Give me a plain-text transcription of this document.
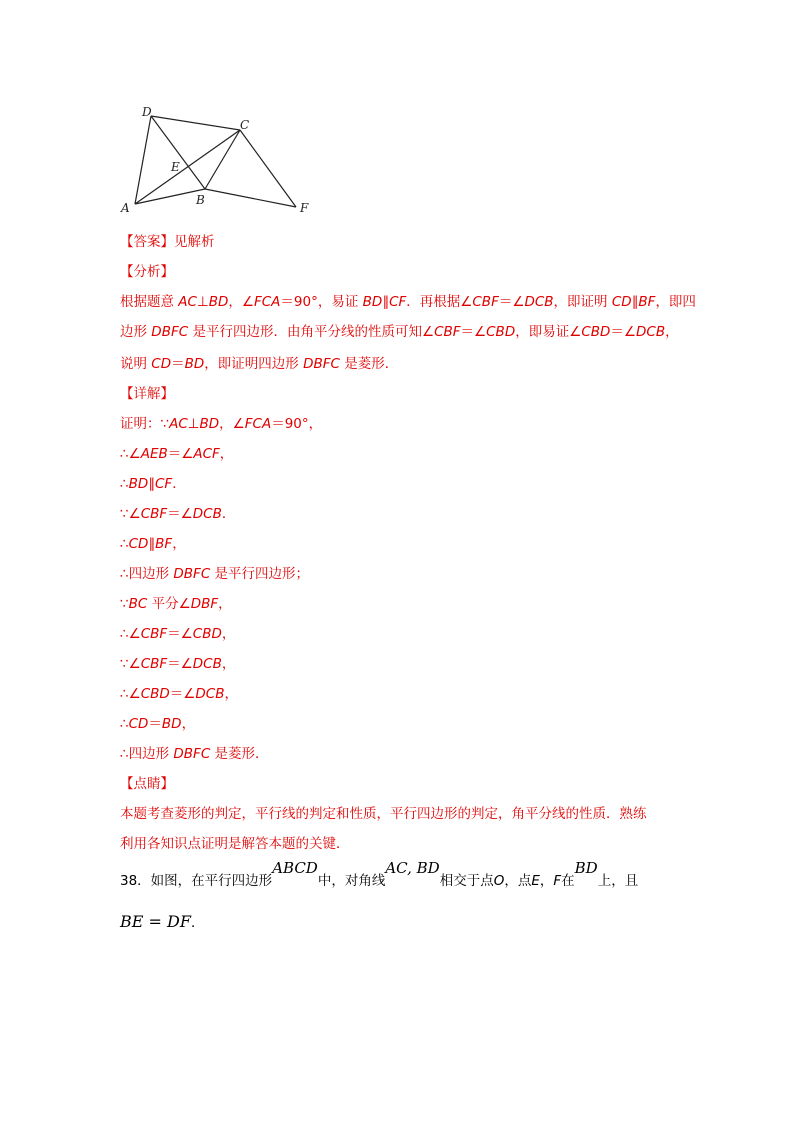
D
C
E
A
B
F
【答案】见解析
【分析】
根据题意 AC⊥BD，∠FCA＝90°，易证 BD∥CF．再根据∠CBF＝∠DCB，即证明 CD∥BF，即四
边形 DBFC 是平行四边形．由角平分线的性质可知∠CBF＝∠CBD，即易证∠CBD＝∠DCB，
说明 CD＝BD，即证明四边形 DBFC 是菱形．
【详解】
证明：∵AC⊥BD，∠FCA＝90°，
∴∠AEB＝∠ACF，
∴BD∥CF．
∵∠CBF＝∠DCB．
∴CD∥BF，
∴四边形 DBFC 是平行四边形；
∵BC 平分∠DBF，
∴∠CBF＝∠CBD，
∵∠CBF＝∠DCB，
∴∠CBD＝∠DCB，
∴CD＝BD，
∴四边形 DBFC 是菱形．
【点睛】
本题考查菱形的判定，平行线的判定和性质，平行四边形的判定，角平分线的性质．熟练
利用各知识点证明是解答本题的关键．
38．如图，在平行四边形ABCD中，对角线AC, BD相交于点O，点E，F在BD上，且
BE = DF．
